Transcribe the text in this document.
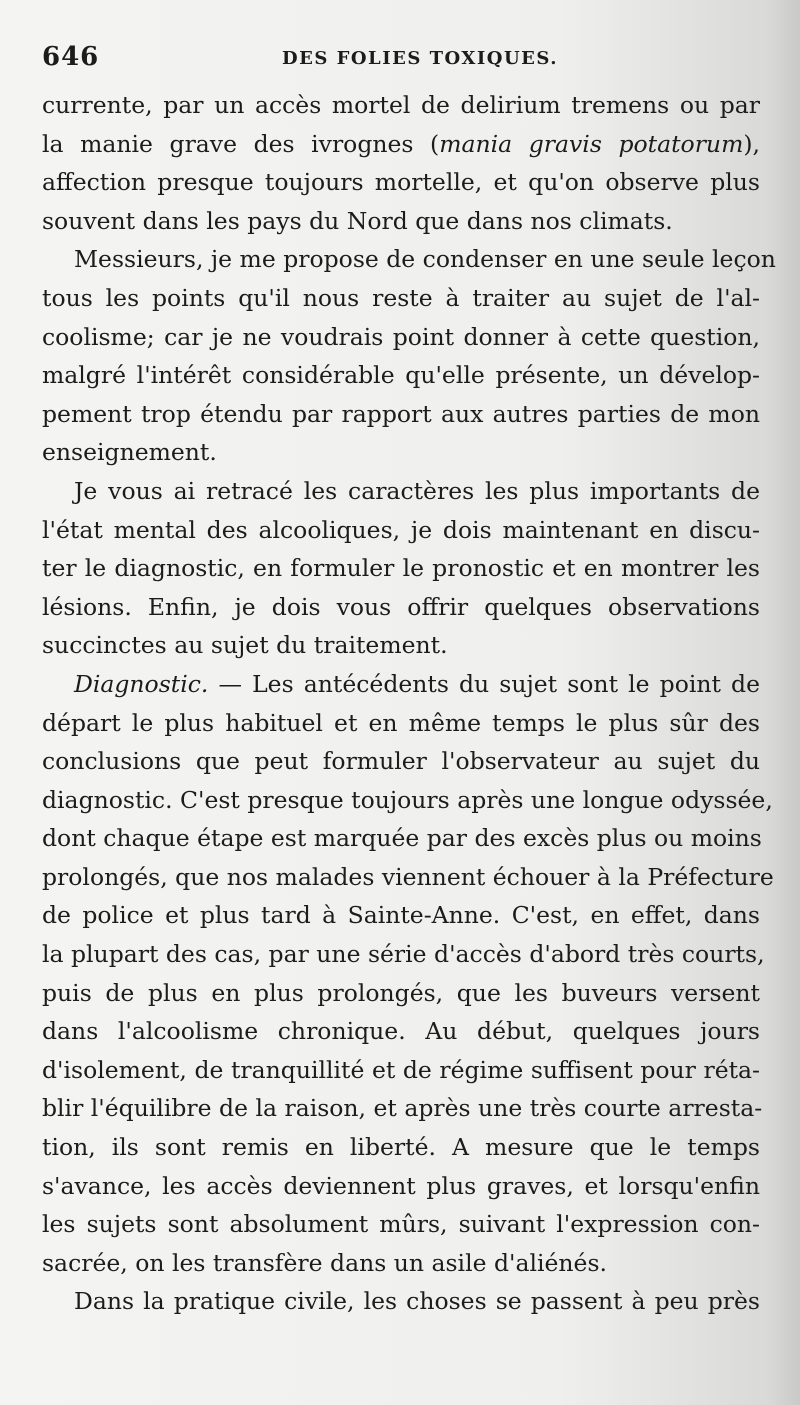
646	DES FOLIES TOXIQUES.
currente, par un accès mortel de delirium tremens ou par
la manie grave des ivrognes (mania gravis potatorum),
affection presque toujours mortelle, et qu'on observe plus
souvent dans les pays du Nord que dans nos climats.
Messieurs, je me propose de condenser en une seule leçon
tous les points qu'il nous reste à traiter au sujet de l'al-
coolisme; car je ne voudrais point donner à cette question,
malgré l'intérêt considérable qu'elle présente, un dévelop-
pement trop étendu par rapport aux autres parties de mon
enseignement.
Je vous ai retracé les caractères les plus importants de
l'état mental des alcooliques, je dois maintenant en discu-
ter le diagnostic, en formuler le pronostic et en montrer les
lésions. Enfin, je dois vous offrir quelques observations
succinctes au sujet du traitement.
Diagnostic. — Les antécédents du sujet sont le point de
départ le plus habituel et en même temps le plus sûr des
conclusions que peut formuler l'observateur au sujet du
diagnostic. C'est presque toujours après une longue odyssée,
dont chaque étape est marquée par des excès plus ou moins
prolongés, que nos malades viennent échouer à la Préfecture
de police et plus tard à Sainte-Anne. C'est, en effet, dans
la plupart des cas, par une série d'accès d'abord très courts,
puis de plus en plus prolongés, que les buveurs versent
dans l'alcoolisme chronique. Au début, quelques jours
d'isolement, de tranquillité et de régime suffisent pour réta-
blir l'équilibre de la raison, et après une très courte arresta-
tion, ils sont remis en liberté. A mesure que le temps
s'avance, les accès deviennent plus graves, et lorsqu'enfin
les sujets sont absolument mûrs, suivant l'expression con-
sacrée, on les transfère dans un asile d'aliénés.
Dans la pratique civile, les choses se passent à peu près
